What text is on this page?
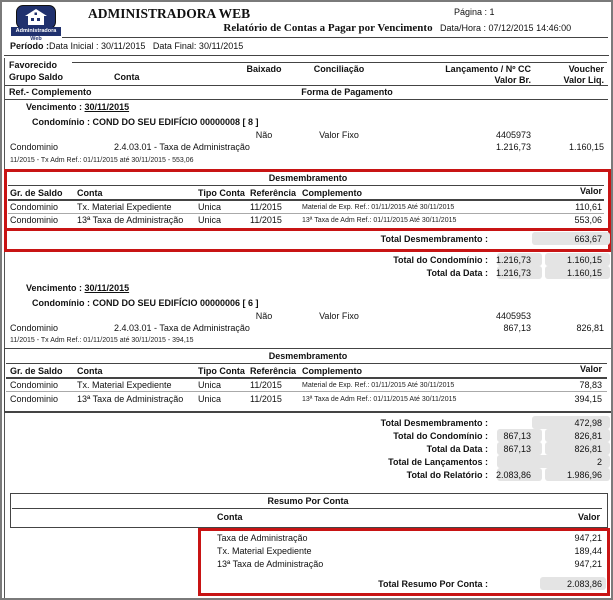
Administradora
Web
ADMINISTRADORA WEB
Relatório de Contas a Pagar por Vencimento
Página : 1
Data/Hora : 07/12/2015 14:46:00
Período :Data Inicial : 30/11/2015   Data Final: 30/11/2015
Favorecido
Grupo Saldo	Conta
Baixado	Conciliação	Lançamento / Nº CC
Valor Br.
Voucher
Valor Liq.
Ref.- Complemento	Forma de Pagamento
Vencimento : 30/11/2015
Condomínio : COND DO SEU EDIFÍCIO 00000008 [ 8 ]
Não	Valor Fixo	4405973
Condominio	2.4.03.01 - Taxa de Administração	1.216,73	1.160,15
11/2015 - Tx Adm Ref.: 01/11/2015 até 30/11/2015 - 553,06
Desmembramento
Gr. de Saldo Conta	Tipo Conta Referência Complemento	Valor
Condominio Tx. Material Expediente	Unica	11/2015	Material de Exp. Ref.: 01/11/2015 Até 30/11/2015	110,61
Condominio 13ª Taxa de Administração Unica	11/2015	13ª Taxa de Adm Ref.: 01/11/2015 Até 30/11/2015	553,06
Total Desmembramento :	663,67
Total do Condomínio : 1.216,73	1.160,15
Total da Data : 1.216,73	1.160,15
Vencimento : 30/11/2015
Condomínio : COND DO SEU EDIFÍCIO 00000006 [ 6 ]
Não	Valor Fixo	4405953
Condominio	2.4.03.01 - Taxa de Administração	867,13	826,81
11/2015 - Tx Adm Ref.: 01/11/2015 até 30/11/2015 - 394,15
Desmembramento
Gr. de Saldo Conta	Tipo Conta Referência Complemento	Valor
Condominio Tx. Material Expediente	Unica	11/2015	Material de Exp. Ref.: 01/11/2015 Até 30/11/2015	78,83
Condominio 13ª Taxa de Administração Unica	11/2015	13ª Taxa de Adm Ref.: 01/11/2015 Até 30/11/2015	394,15
Total Desmembramento :	472,98
Total do Condomínio : 867,13	826,81
Total da Data : 867,13	826,81
Total de Lançamentos :	2
Total do Relatório : 2.083,86	1.986,96
Resumo Por Conta
Conta	Valor
Taxa de Administração	947,21
Tx. Material Expediente	189,44
13ª Taxa de Administração	947,21
Total Resumo Por Conta :	2.083,86
